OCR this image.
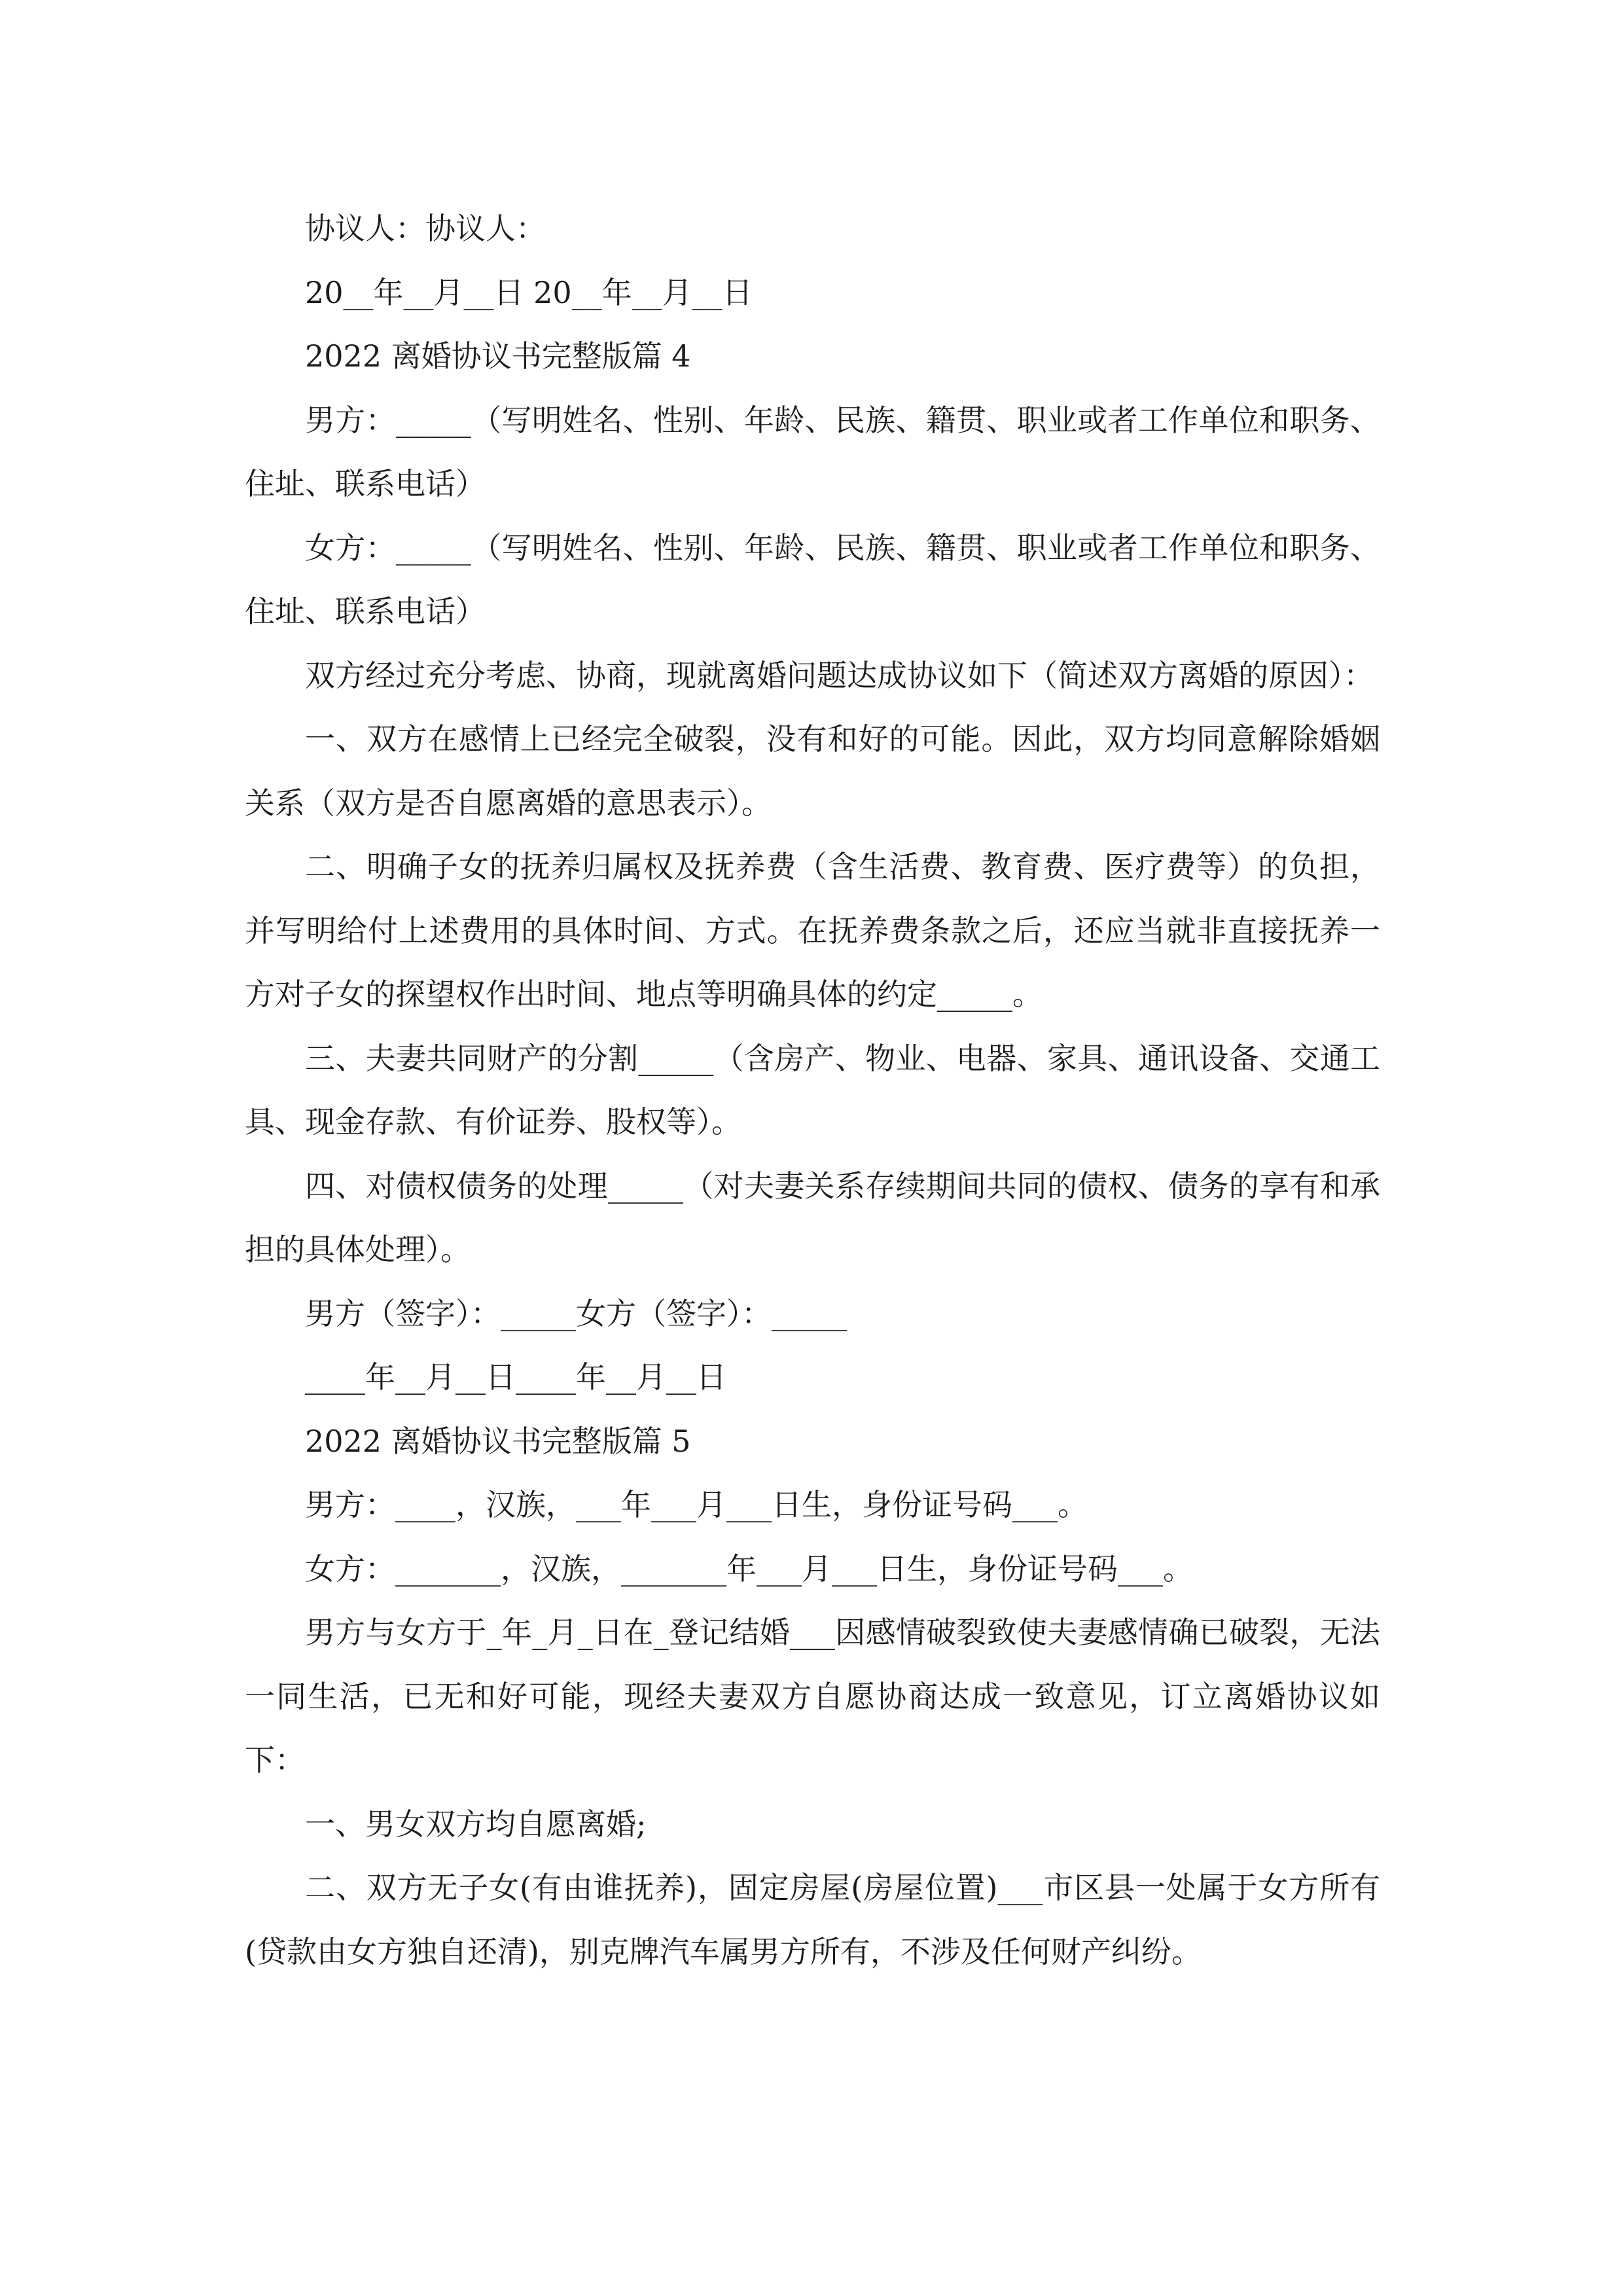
协议人：协议人：

20__年__月__日 20__年__月__日

2022 离婚协议书完整版篇 4

男方：_____（写明姓名、性别、年龄、民族、籍贯、职业或者工作单位和职务、住址、联系电话）

女方：_____（写明姓名、性别、年龄、民族、籍贯、职业或者工作单位和职务、住址、联系电话）

双方经过充分考虑、协商，现就离婚问题达成协议如下（简述双方离婚的原因）：

一、双方在感情上已经完全破裂，没有和好的可能。因此，双方均同意解除婚姻关系（双方是否自愿离婚的意思表示）。

二、明确子女的抚养归属权及抚养费（含生活费、教育费、医疗费等）的负担，并写明给付上述费用的具体时间、方式。在抚养费条款之后，还应当就非直接抚养一方对子女的探望权作出时间、地点等明确具体的约定_____。

三、夫妻共同财产的分割_____（含房产、物业、电器、家具、通讯设备、交通工具、现金存款、有价证券、股权等）。

四、对债权债务的处理_____（对夫妻关系存续期间共同的债权、债务的享有和承担的具体处理）。

男方（签字）：_____女方（签字）：_____

____年__月__日____年__月__日

2022 离婚协议书完整版篇 5

男方：____，汉族，___年___月___日生，身份证号码___。

女方：_______，汉族，_______年___月___日生，身份证号码___。

男方与女方于_年_月_日在_登记结婚___因感情破裂致使夫妻感情确已破裂，无法一同生活，已无和好可能，现经夫妻双方自愿协商达成一致意见，订立离婚协议如下：

一、男女双方均自愿离婚;

二、双方无子女(有由谁抚养)，固定房屋(房屋位置)___市区县一处属于女方所有(贷款由女方独自还清)，别克牌汽车属男方所有，不涉及任何财产纠纷。
